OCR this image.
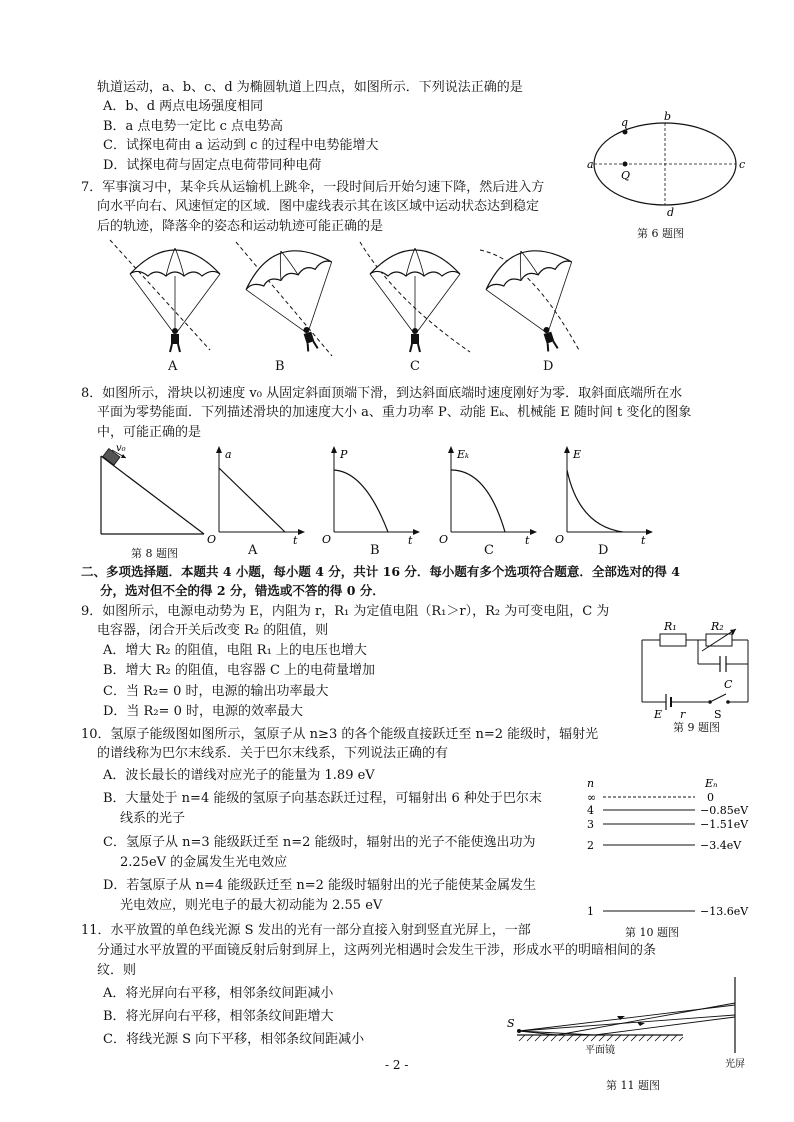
轨道运动，a、b、c、d 为椭圆轨道上四点，如图所示．下列说法正确的是
A．b、d 两点电场强度相同
B．a 点电势一定比 c 点电势高
C．试探电荷由 a 运动到 c 的过程中电势能增大
D．试探电荷与固定点电荷带同种电荷
q	b
a	c
d
Q
第 6 题图
7．军事演习中，某伞兵从运输机上跳伞，一段时间后开始匀速下降，然后进入方
向水平向右、风速恒定的区域．图中虚线表示其在该区域中运动状态达到稳定
后的轨迹，降落伞的姿态和运动轨迹可能正确的是
A	B	C	D
8．如图所示，滑块以初速度 v₀ 从固定斜面顶端下滑，到达斜面底端时速度刚好为零．取斜面底端所在水
平面为零势能面．下列描述滑块的加速度大小 a、重力功率 P、动能 Eₖ、机械能 E 随时间 t 变化的图象
中，可能正确的是
v₀
第 8 题图
a
O	t
P
O	t
Eₖ
O	t
E
O	t
A	B	C	D
二、多项选择题．本题共 4 小题，每小题 4 分，共计 16 分．每小题有多个选项符合题意．全部选对的得 4
分，选对但不全的得 2 分，错选或不答的得 0 分．
9．如图所示，电源电动势为 E，内阻为 r，R₁ 为定值电阻（R₁＞r），R₂ 为可变电阻，C 为
电容器，闭合开关后改变 R₂ 的阻值，则
A．增大 R₂ 的阻值，电阻 R₁ 上的电压也增大
B．增大 R₂ 的阻值，电容器 C 上的电荷量增加
C．当 R₂= 0 时，电源的输出功率最大
D．当 R₂= 0 时，电源的效率最大
R₁	R₂
C
E r	S
第 9 题图
10．氢原子能级图如图所示，氢原子从 n≥3 的各个能级直接跃迁至 n=2 能级时，辐射光
的谱线称为巴尔末线系．关于巴尔末线系，下列说法正确的有
A．波长最长的谱线对应光子的能量为 1.89 eV
B．大量处于 n=4 能级的氢原子向基态跃迁过程，可辐射出 6 种处于巴尔末
线系的光子
C．氢原子从 n=3 能级跃迁至 n=2 能级时，辐射出的光子不能使逸出功为
2.25eV 的金属发生光电效应
D．若氢原子从 n=4 能级跃迁至 n=2 能级时辐射出的光子能使某金属发生
光电效应，则光电子的最大初动能为 2.55 eV
n	Eₙ
∞	0
4	−0.85eV
3	−1.51eV
2	−3.4eV
1	−13.6eV
第 10 题图
11．水平放置的单色线光源 S 发出的光有一部分直接入射到竖直光屏上，一部
分通过水平放置的平面镜反射后射到屏上，这两列光相遇时会发生干涉，形成水平的明暗相间的条
纹．则
A．将光屏向右平移，相邻条纹间距减小
B．将光屏向右平移，相邻条纹间距增大
C．将线光源 S 向下平移，相邻条纹间距减小
S
平面镜
光屏
第 11 题图
- 2 -
